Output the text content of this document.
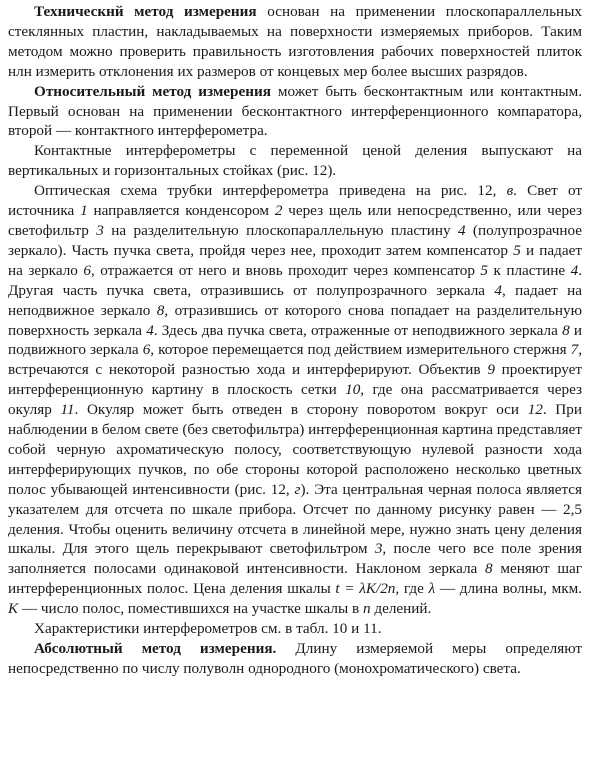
Техническнй метод измерения основан на применении плоскопараллельных стеклянных пластин, накладываемых на поверхности измеряемых приборов. Таким методом можно проверить правильность изготовления рабочих поверхностей плиток нлн измерить отклонения их размеров от концевых мер более высших разрядов.

Относительный метод измерения может быть бесконтактным или контактным. Первый основан на применении бесконтактного интерференционного компаратора, второй — контактного интерферометра.

Контактные интерферометры с переменной ценой деления выпускают на вертикальных и горизонтальных стойках (рис. 12).

Оптическая схема трубки интерферометра приведена на рис. 12, в. Свет от источника 1 направляется конденсором 2 через щель или непосредственно, или через светофильтр 3 на разделительную плоскопараллельную пластину 4 (полупрозрачное зеркало). Часть пучка света, пройдя через нее, проходит затем компенсатор 5 и падает на зеркало 6, отражается от него и вновь проходит через компенсатор 5 к пластине 4. Другая часть пучка света, отразившись от полупрозрачного зеркала 4, падает на неподвижное зеркало 8, отразившись от которого снова попадает на разделительную поверхность зеркала 4. Здесь два пучка света, отраженные от неподвижного зеркала 8 и подвижного зеркала 6, которое перемещается под действием измерительного стержня 7, встречаются с некоторой разностью хода и интерферируют. Объектив 9 проектирует интерференционную картину в плоскость сетки 10, где она рассматривается через окуляр 11. Окуляр может быть отведен в сторону поворотом вокруг оси 12. При наблюдении в белом свете (без светофильтра) интерференционная картина представляет собой черную ахроматическую полосу, соответствующую нулевой разности хода интерферирующих пучков, по обе стороны которой расположено несколько цветных полос убывающей интенсивности (рис. 12, г). Эта центральная черная полоса является указателем для отсчета по шкале прибора. Отсчет по данному рисунку равен — 2,5 деления. Чтобы оценить величину отсчета в линейной мере, нужно знать цену деления шкалы. Для этого щель перекрывают светофильтром 3, после чего все поле зрения заполняется полосами одинаковой интенсивности. Наклоном зеркала 8 меняют шаг интерференционных полос. Цена деления шкалы t = λK/2n, где λ — длина волны, мкм. K — число полос, поместившихся на участке шкалы в n делений.

Характеристики интерферометров см. в табл. 10 и 11.

Абсолютный метод измерения. Длину измеряемой меры определяют непосредственно по числу полуволн однородного (монохроматического) света.
